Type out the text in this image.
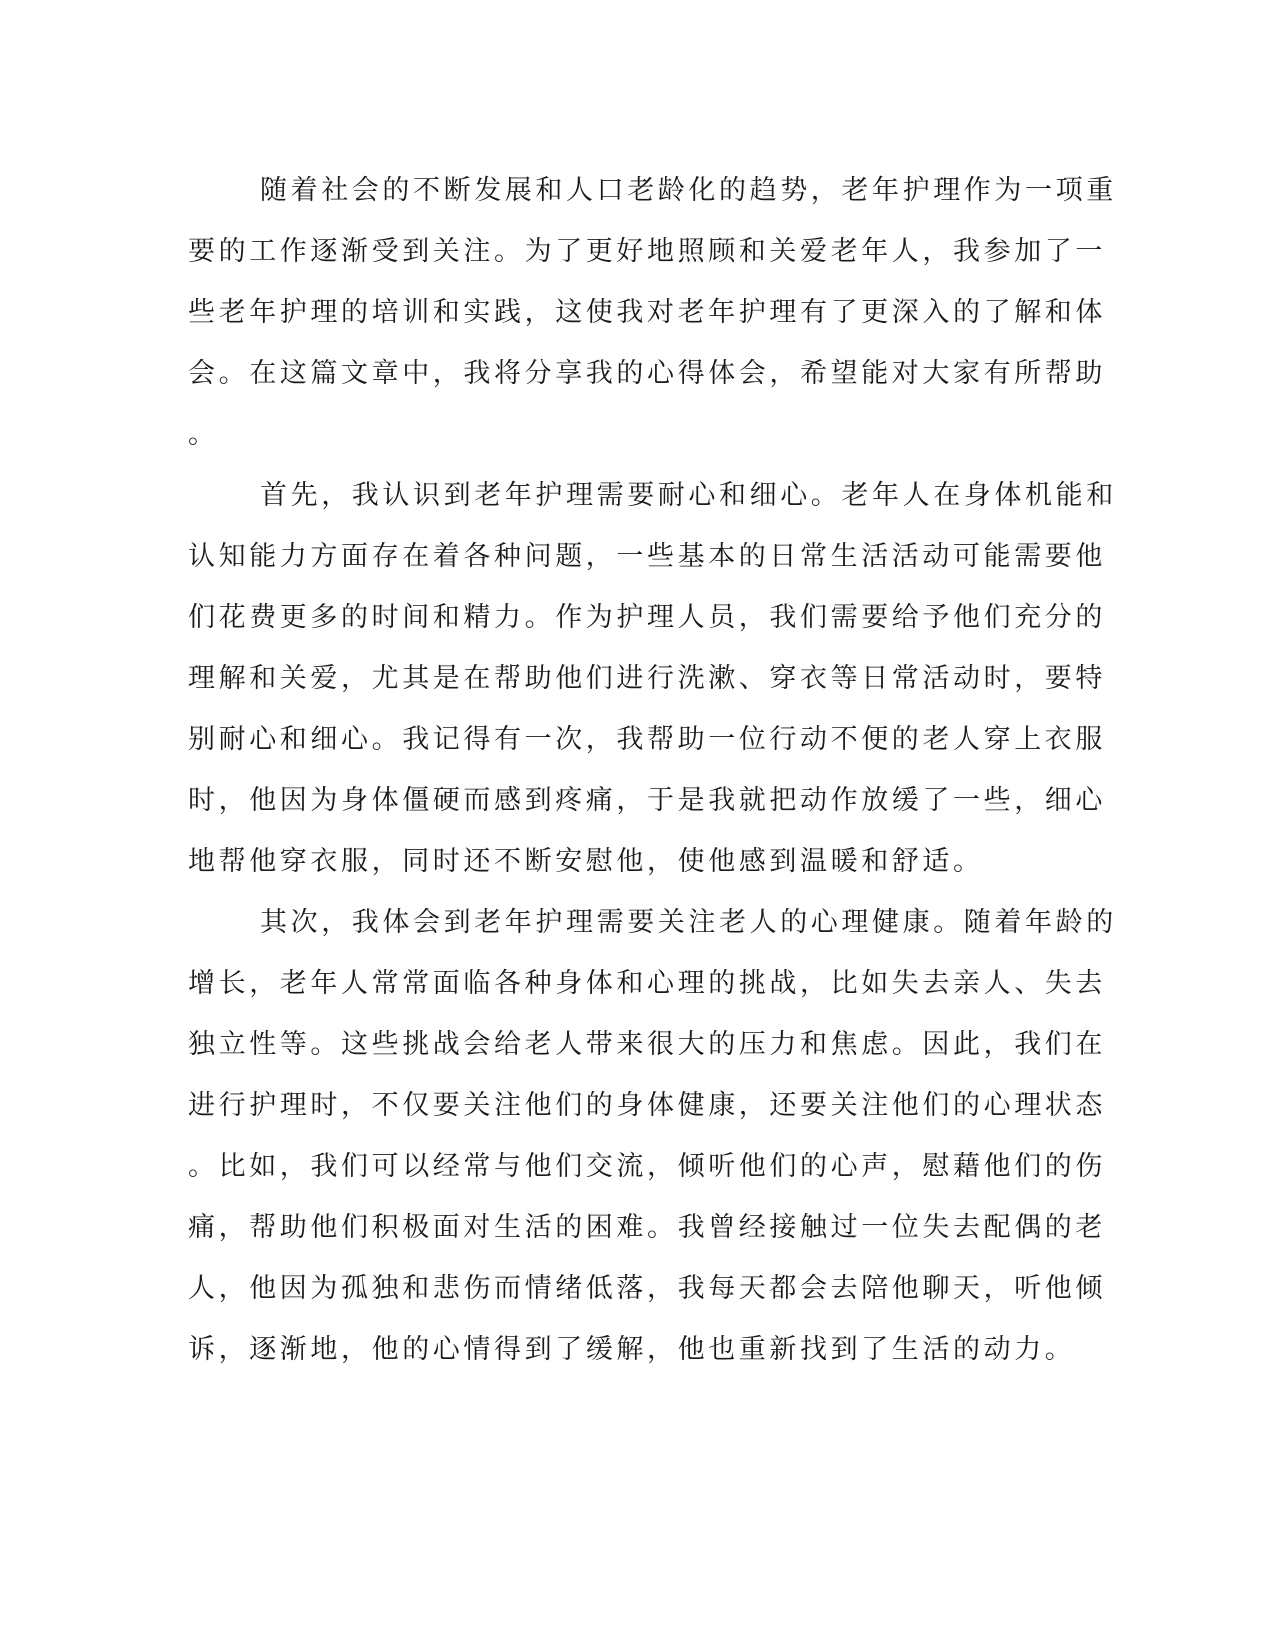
随着社会的不断发展和人口老龄化的趋势，老年护理作为一项重
要的工作逐渐受到关注。为了更好地照顾和关爱老年人，我参加了一
些老年护理的培训和实践，这使我对老年护理有了更深入的了解和体
会。在这篇文章中，我将分享我的心得体会，希望能对大家有所帮助
。

首先，我认识到老年护理需要耐心和细心。老年人在身体机能和
认知能力方面存在着各种问题，一些基本的日常生活活动可能需要他
们花费更多的时间和精力。作为护理人员，我们需要给予他们充分的
理解和关爱，尤其是在帮助他们进行洗漱、穿衣等日常活动时，要特
别耐心和细心。我记得有一次，我帮助一位行动不便的老人穿上衣服
时，他因为身体僵硬而感到疼痛，于是我就把动作放缓了一些，细心
地帮他穿衣服，同时还不断安慰他，使他感到温暖和舒适。

其次，我体会到老年护理需要关注老人的心理健康。随着年龄的
增长，老年人常常面临各种身体和心理的挑战，比如失去亲人、失去
独立性等。这些挑战会给老人带来很大的压力和焦虑。因此，我们在
进行护理时，不仅要关注他们的身体健康，还要关注他们的心理状态
。比如，我们可以经常与他们交流，倾听他们的心声，慰藉他们的伤
痛，帮助他们积极面对生活的困难。我曾经接触过一位失去配偶的老
人，他因为孤独和悲伤而情绪低落，我每天都会去陪他聊天，听他倾
诉，逐渐地，他的心情得到了缓解，他也重新找到了生活的动力。
